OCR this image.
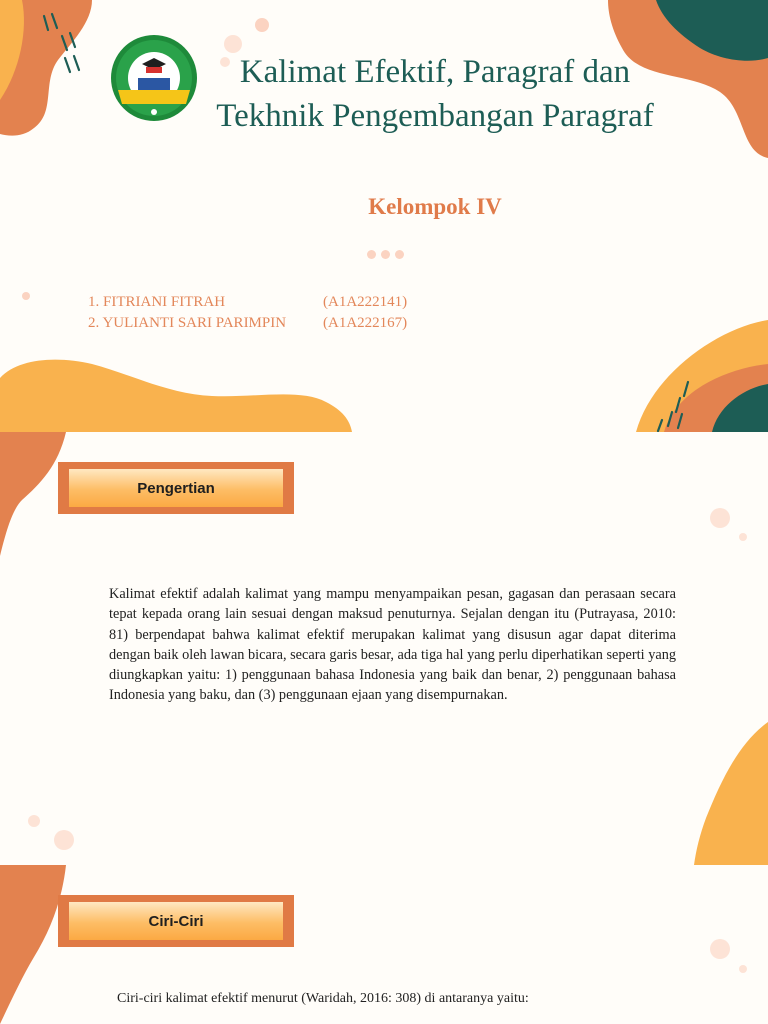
Kalimat Efektif, Paragraf dan Tekhnik Pengembangan Paragraf
Kelompok IV
1. FITRIANI FITRAH	(A1A222141)
2. YULIANTI SARI PARIMPIN	(A1A222167)
Pengertian
Kalimat efektif adalah kalimat yang mampu menyampaikan pesan, gagasan dan perasaan secara tepat kepada orang lain sesuai dengan maksud penuturnya. Sejalan dengan itu (Putrayasa, 2010: 81) berpendapat bahwa kalimat efektif merupakan kalimat yang disusun agar dapat diterima dengan baik oleh lawan bicara, secara garis besar, ada tiga hal yang perlu diperhatikan seperti yang diungkapkan yaitu: 1) penggunaan bahasa Indonesia yang baik dan benar, 2) penggunaan bahasa Indonesia yang baku, dan (3) penggunaan ejaan yang disempurnakan.
Ciri-Ciri
Ciri-ciri kalimat efektif menurut (Waridah, 2016: 308) di antaranya yaitu:
